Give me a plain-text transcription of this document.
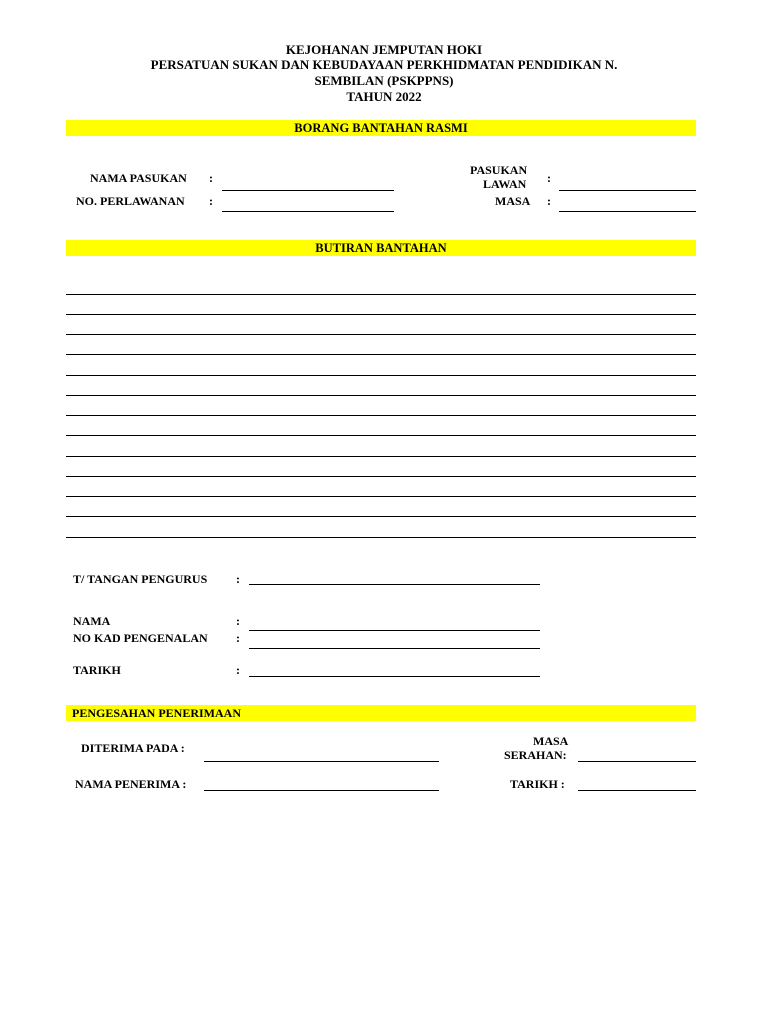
KEJOHANAN JEMPUTAN HOKI
PERSATUAN SUKAN DAN KEBUDAYAAN PERKHIDMATAN PENDIDIKAN N.
SEMBILAN (PSKPPNS)
TAHUN 2022
BORANG BANTAHAN RASMI
NAMA PASUKAN :
NO. PERLAWANAN :
PASUKAN
LAWAN :
MASA :
BUTIRAN BANTAHAN
T/ TANGAN PENGURUS :
NAMA	:
NO KAD PENGENALAN :
TARIKH	:
PENGESAHAN PENERIMAAN
DITERIMA PADA :
NAMA PENERIMA :
MASA
SERAHAN:
TARIKH :
